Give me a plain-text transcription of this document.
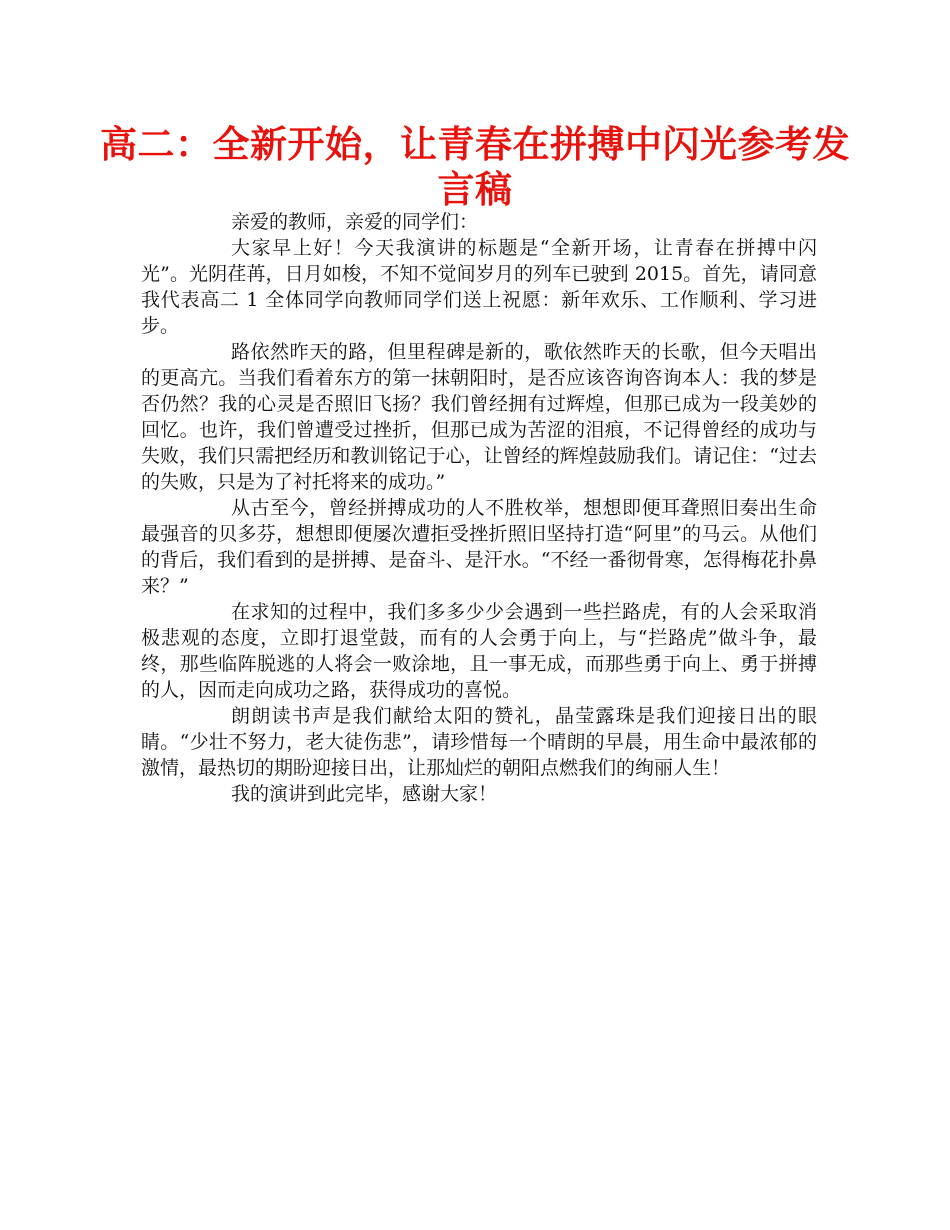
高二：全新开始，让青春在拼搏中闪光参考发言稿

亲爱的教师，亲爱的同学们：

大家早上好！今天我演讲的标题是“全新开场，让青春在拼搏中闪光”。光阴荏苒，日月如梭，不知不觉间岁月的列车已驶到 2015。首先，请同意我代表高二 1 全体同学向教师同学们送上祝愿：新年欢乐、工作顺利、学习进步。

路依然昨天的路，但里程碑是新的，歌依然昨天的长歌，但今天唱出的更高亢。当我们看着东方的第一抹朝阳时，是否应该咨询咨询本人：我的梦是否仍然？我的心灵是否照旧飞扬？我们曾经拥有过辉煌，但那已成为一段美妙的回忆。也许，我们曾遭受过挫折，但那已成为苦涩的泪痕，不记得曾经的成功与失败，我们只需把经历和教训铭记于心，让曾经的辉煌鼓励我们。请记住：“过去的失败，只是为了衬托将来的成功。”

从古至今，曾经拼搏成功的人不胜枚举，想想即便耳聋照旧奏出生命最强音的贝多芬，想想即便屡次遭拒受挫折照旧坚持打造“阿里”的马云。从他们的背后，我们看到的是拼搏、是奋斗、是汗水。“不经一番彻骨寒，怎得梅花扑鼻来？”

在求知的过程中，我们多多少少会遇到一些拦路虎，有的人会采取消极悲观的态度，立即打退堂鼓，而有的人会勇于向上，与“拦路虎”做斗争，最终，那些临阵脱逃的人将会一败涂地，且一事无成，而那些勇于向上、勇于拼搏的人，因而走向成功之路，获得成功的喜悦。

朗朗读书声是我们献给太阳的赞礼，晶莹露珠是我们迎接日出的眼睛。“少壮不努力，老大徒伤悲”，请珍惜每一个晴朗的早晨，用生命中最浓郁的激情，最热切的期盼迎接日出，让那灿烂的朝阳点燃我们的绚丽人生！

我的演讲到此完毕，感谢大家！
